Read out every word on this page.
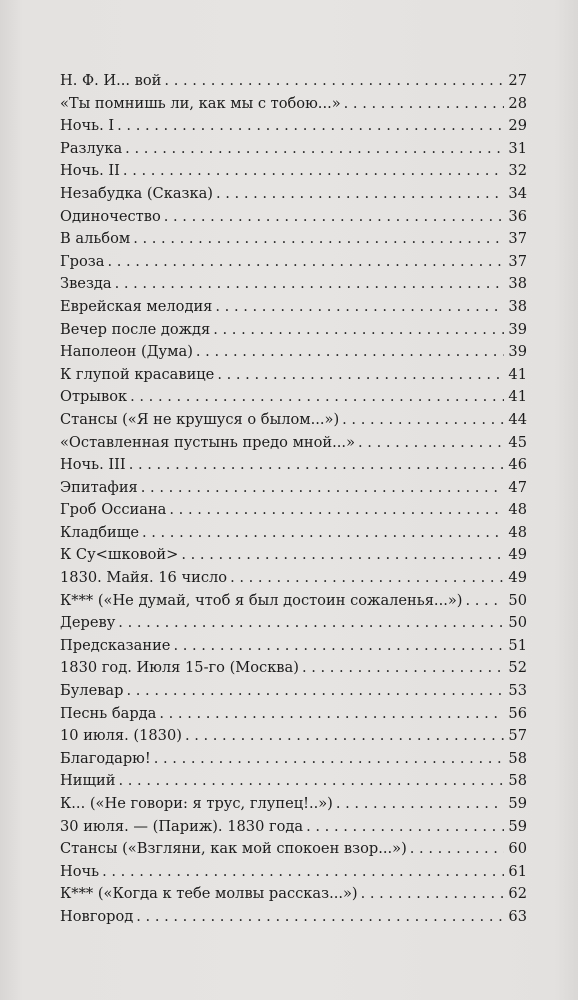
Н. Ф. И... вой . . .	27
«Ты помнишь ли, как мы с тобою...» . . .	28
Ночь. I . . .	29
Разлука . . .	31
Ночь. II . . .	32
Незабудка (Сказка) . . .	34
Одиночество . . .	36
В альбом . . .	37
Гроза . . .	37
Звезда . . .	38
Еврейская мелодия . . .	38
Вечер после дождя . . .	39
Наполеон (Дума) . . .	39
К глупой красавице . . .	41
Отрывок . . .	41
Стансы («Я не крушуся о былом...») . . .	44
«Оставленная пустынь предо мной...» . . .	45
Ночь. III . . .	46
Эпитафия . . .	47
Гроб Оссиана . . .	48
Кладбище . . .	48
К Су<шковой> . . .	49
1830. Майя. 16 число . . .	49
К*** («Не думай, чтоб я был достоин сожаленья...») . . .	50
Дереву . . .	50
Предсказание . . .	51
1830 год. Июля 15-го (Москва) . . .	52
Булевар . . .	53
Песнь барда . . .	56
10 июля. (1830) . . .	57
Благодарю! . . .	58
Нищий . . .	58
К... («Не говори: я трус, глупец!..») . . .	59
30 июля. — (Париж). 1830 года . . .	59
Стансы («Взгляни, как мой спокоен взор...») . . .	60
Ночь . . .	61
К*** («Когда к тебе молвы рассказ...») . . .	62
Новгород . . .	63
